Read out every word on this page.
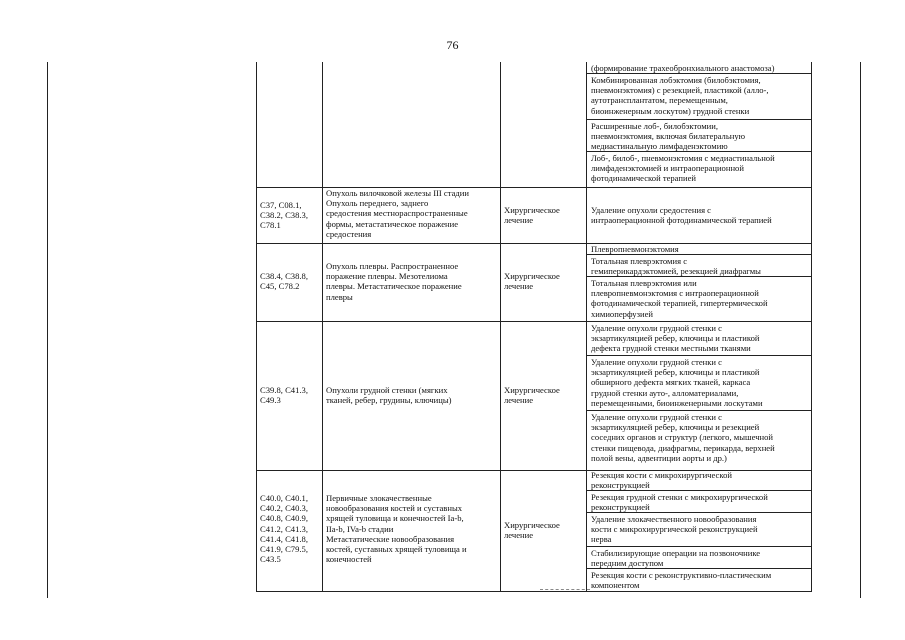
76
(формирование трахеобронхиального анастомоза)
Комбинированная лобэктомия (билобэктомия,
пневмонэктомия) с резекцией, пластикой (алло-,
аутотрансплантатом, перемещенным,
биоинженерным лоскутом) грудной стенки
Расширенные лоб-, билобэктомии,
пневмонэктомия, включая билатеральную
медиастинальную лимфаденэктомию
Лоб-, билоб-, пневмонэктомия с медиастинальной
лимфаденэктомией и интраоперационной
фотодинамической терапией
C37, C08.1,
C38.2, C38.3,
C78.1
Опухоль вилочковой железы III стадии
Опухоль переднего, заднего
средостения местнораспространенные
формы, метастатическое поражение
средостения
Хирургическое
лечение
Удаление опухоли средостения с
интраоперационной фотодинамической терапией
C38.4, C38.8,
C45, C78.2
Опухоль плевры. Распространенное
поражение плевры. Мезотелиома
плевры. Метастатическое поражение
плевры
Хирургическое
лечение
Плевропневмонэктомия
Тотальная плеврэктомия с
гемиперикардэктомией, резекцией диафрагмы
Тотальная плеврэктомия или
плевропневмонэктомия с интраоперационной
фотодинамической терапией, гипертермической
химиоперфузией
C39.8, C41.3,
C49.3
Опухоли грудной стенки (мягких
тканей, ребер, грудины, ключицы)
Хирургическое
лечение
Удаление опухоли грудной стенки с
экзартикуляцией ребер, ключицы и пластикой
дефекта грудной стенки местными тканями
Удаление опухоли грудной стенки с
экзартикуляцией ребер, ключицы и пластикой
обширного дефекта мягких тканей, каркаса
грудной стенки ауто-, алломатериалами,
перемещенными, биоинженерными лоскутами
Удаление опухоли грудной стенки с
экзартикуляцией ребер, ключицы и резекцией
соседних органов и структур (легкого, мышечной
стенки пищевода, диафрагмы, перикарда, верхней
полой вены, адвентиции аорты и др.)
C40.0, C40.1,
C40.2, C40.3,
C40.8, C40.9,
C41.2, C41.3,
C41.4, C41.8,
C41.9, C79.5,
C43.5
Первичные злокачественные
новообразования костей и суставных
хрящей туловища и конечностей Ia-b,
IIa-b, IVa-b стадии
Метастатические новообразования
костей, суставных хрящей туловища и
конечностей
Хирургическое
лечение
Резекция кости с микрохирургической
реконструкцией
Резекция грудной стенки с микрохирургической
реконструкцией
Удаление злокачественного новообразования
кости с микрохирургической реконструкцией
нерва
Стабилизирующие операции на позвоночнике
передним доступом
Резекция кости с реконструктивно-пластическим
компонентом
